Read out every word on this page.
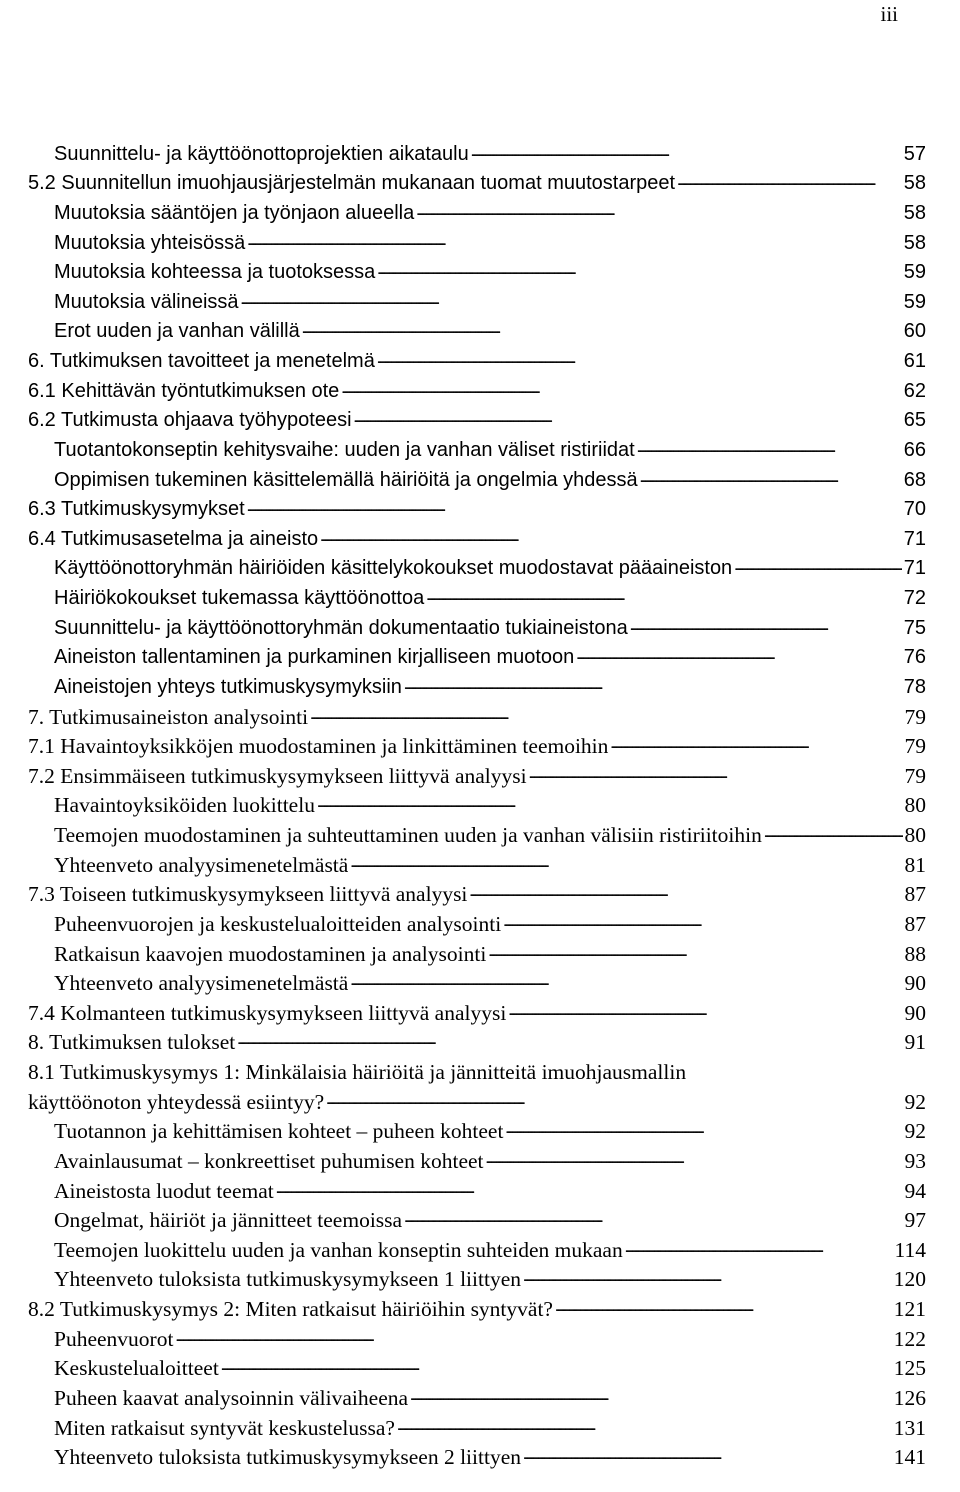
iii
Suunnittelu- ja käyttöönottoprojektien aikataulu . . .	57
5.2 Suunnitellun imuohjausjärjestelmän mukanaan tuomat muutostarpeet . . .	58
Muutoksia sääntöjen ja työnjaon alueella . . .	58
Muutoksia yhteisössä . . .	58
Muutoksia kohteessa ja tuotoksessa . . .	59
Muutoksia välineissä . . .	59
Erot uuden ja vanhan välillä . . .	60
6. Tutkimuksen tavoitteet ja menetelmä . . .	61
6.1 Kehittävän työntutkimuksen ote . . .	62
6.2 Tutkimusta ohjaava työhypoteesi . . .	65
Tuotantokonseptin kehitysvaihe: uuden ja vanhan väliset ristiriidat . . .	66
Oppimisen tukeminen käsittelemällä häiriöitä ja ongelmia yhdessä . . .	68
6.3 Tutkimuskysymykset . . .	70
6.4 Tutkimusasetelma ja aineisto . . .	71
Käyttöönottoryhmän häiriöiden käsittelykokoukset muodostavat pääaineiston . . .	71
Häiriökokoukset tukemassa käyttöönottoa . . .	72
Suunnittelu- ja käyttöönottoryhmän dokumentaatio tukiaineistona . . .	75
Aineiston tallentaminen ja purkaminen kirjalliseen muotoon . . .	76
Aineistojen yhteys tutkimuskysymyksiin . . .	78
7. Tutkimusaineiston analysointi . . .	79
7.1 Havaintoyksikköjen muodostaminen ja linkittäminen teemoihin . . .	79
7.2 Ensimmäiseen tutkimuskysymykseen liittyvä analyysi . . .	79
Havaintoyksiköiden luokittelu . . .	80
Teemojen muodostaminen ja suhteuttaminen uuden ja vanhan välisiin ristiriitoihin . . .	80
Yhteenveto analyysimenetelmästä . . .	81
7.3 Toiseen tutkimuskysymykseen liittyvä analyysi . . .	87
Puheenvuorojen ja keskustelualoitteiden analysointi . . .	87
Ratkaisun kaavojen muodostaminen ja analysointi . . .	88
Yhteenveto analyysimenetelmästä . . .	90
7.4 Kolmanteen tutkimuskysymykseen liittyvä analyysi . . .	90
8. Tutkimuksen tulokset . . .	91
8.1 Tutkimuskysymys 1: Minkälaisia häiriöitä ja jännitteitä imuohjausmallin
käyttöönoton yhteydessä esiintyy? . . .	92
Tuotannon ja kehittämisen kohteet – puheen kohteet . . .	92
Avainlausumat – konkreettiset puhumisen kohteet . . .	93
Aineistosta luodut teemat . . .	94
Ongelmat, häiriöt ja jännitteet teemoissa . . .	97
Teemojen luokittelu uuden ja vanhan konseptin suhteiden mukaan . . .	114
Yhteenveto tuloksista tutkimuskysymykseen 1 liittyen . . .	120
8.2 Tutkimuskysymys 2: Miten ratkaisut häiriöihin syntyvät? . . .	121
Puheenvuorot . . .	122
Keskustelualoitteet . . .	125
Puheen kaavat analysoinnin välivaiheena . . .	126
Miten ratkaisut syntyvät keskustelussa? . . .	131
Yhteenveto tuloksista tutkimuskysymykseen 2 liittyen . . .	141
